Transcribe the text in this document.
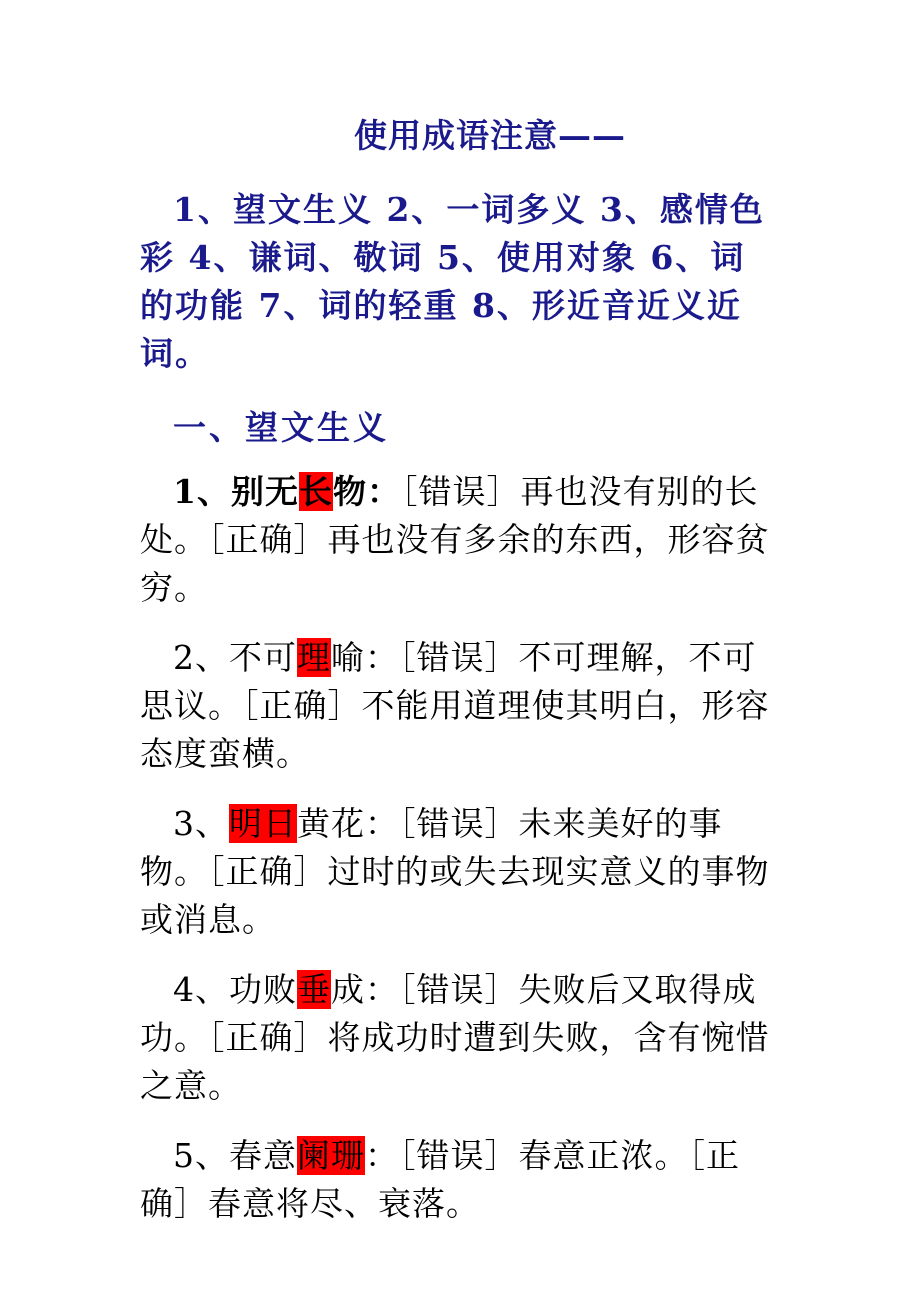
使用成语注意——
1、望文生义 2、一词多义 3、感情色彩 4、谦词、敬词 5、使用对象 6、词的功能 7、词的轻重 8、形近音近义近词。
一、望文生义
1、别无长物：［错误］再也没有别的长处。［正确］再也没有多余的东西，形容贫穷。
2、不可理喻：［错误］不可理解，不可思议。［正确］不能用道理使其明白，形容态度蛮横。
3、明日黄花：［错误］未来美好的事物。［正确］过时的或失去现实意义的事物或消息。
4、功败垂成：［错误］失败后又取得成功。［正确］将成功时遭到失败，含有惋惜之意。
5、春意阑珊：［错误］春意正浓。［正确］春意将尽、衰落。
